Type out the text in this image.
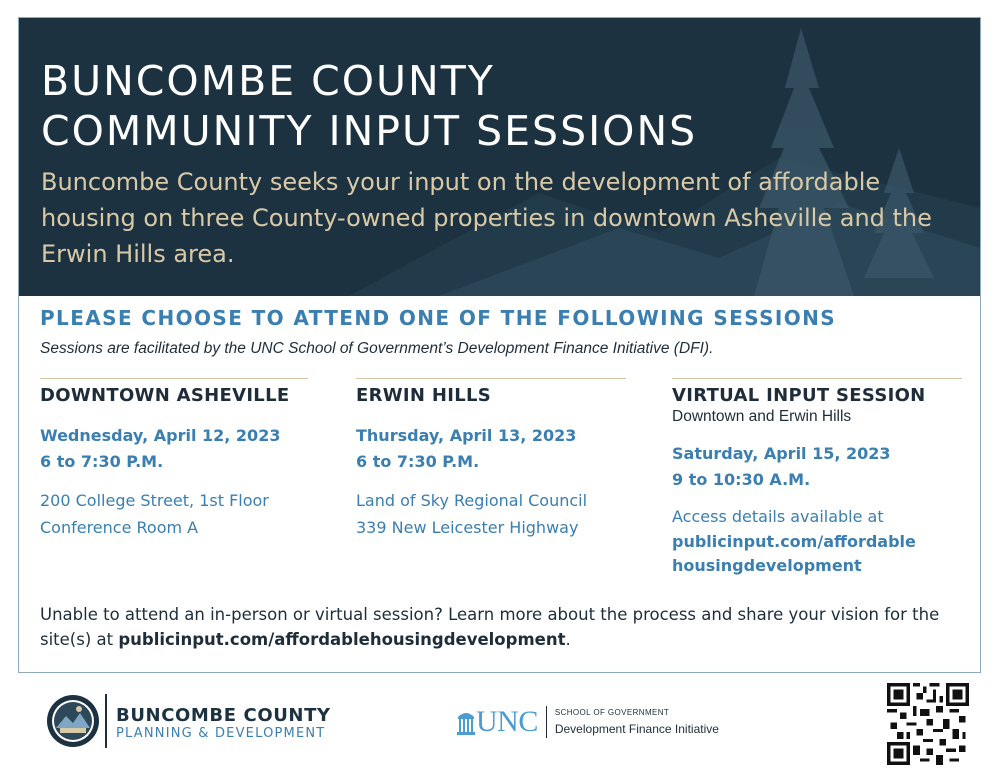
BUNCOMBE COUNTY
COMMUNITY INPUT SESSIONS
Buncombe County seeks your input on the development of affordable housing on three County-owned properties in downtown Asheville and the Erwin Hills area.
PLEASE CHOOSE TO ATTEND ONE OF THE FOLLOWING SESSIONS
Sessions are facilitated by the UNC School of Government’s Development Finance Initiative (DFI).
DOWNTOWN ASHEVILLE
Wednesday, April 12, 2023
6 to 7:30 P.M.
200 College Street, 1st Floor
Conference Room A
ERWIN HILLS
Thursday, April 13, 2023
6 to 7:30 P.M.
Land of Sky Regional Council
339 New Leicester Highway
VIRTUAL INPUT SESSION
Downtown and Erwin Hills
Saturday, April 15, 2023
9 to 10:30 A.M.
Access details available at
publicinput.com/affordable
housingdevelopment
Unable to attend an in-person or virtual session? Learn more about the process and share your vision for the site(s) at publicinput.com/affordablehousingdevelopment.
BUNCOMBE COUNTY
PLANNING & DEVELOPMENT	UNC SCHOOL OF GOVERNMENT
Development Finance Initiative
